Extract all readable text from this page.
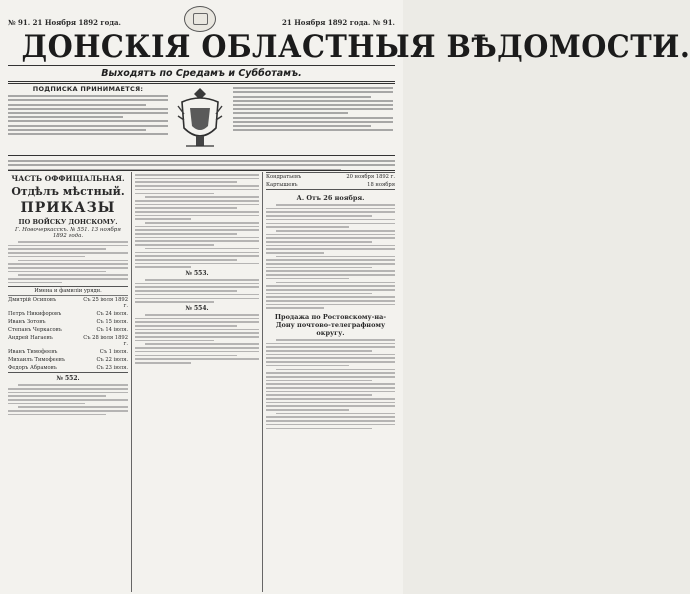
№ 91. 21 Ноября 1892 года.	21 Ноября 1892 года. № 91.
ДОНСКІЯ ОБЛАСТНЫЯ ВѢДОМОСТИ.
Выходятъ по Средамъ и Субботамъ.
ПОДПИСКА ПРИНИМАЕТСЯ:
ЧАСТЬ ОФФИЦІАЛЬНАЯ.
Отдѣлъ мѣстный.
ПРИКАЗЫ
ПО ВОЙСКУ ДОНСКОМУ.
Г. Новочеркасскъ. № 551. 13 ноября 1892 года.
Имена и фамиліи урядн.
Дмитрій Осиповъ	Съ 25 іюля 1892 г.
Петръ Никифоровъ	Съ 24 іюля.
Иванъ Зотовъ	Съ 15 іюля.
Степанъ Черкасовъ	Съ 14 іюля.
Андрей Нагаевъ	Съ 28 іюля 1892 г.
Иванъ Тимофеевъ	Съ 1 іюля.
Михаилъ Тимофеевъ	Съ 22 іюля.
Федоръ Абрамовъ	Съ 23 іюля.
№ 552.
№ 553.
№ 554.
Кондратьевъ	20 ноября 1892 г.
Картышевъ	18 ноября
А. Отъ 26 ноября.
Продажа по Ростовскому-на-Дону почтово-телеграфному округу.
